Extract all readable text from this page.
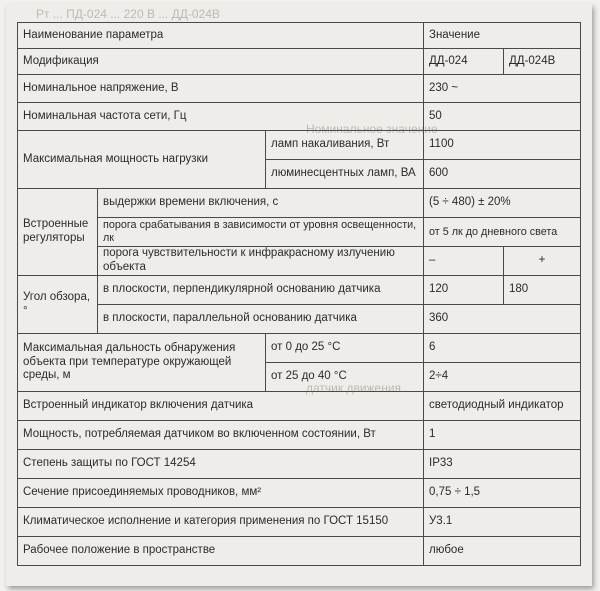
Рт ... ПД-024 ... 220 В ... ДД-024В
Номинальное значение
датчик движения
Наименование параметра			Значение	
Модификация			ДД-024	ДД-024В
Номинальное напряжение, В			230 ~	
Номинальная частота сети, Гц			50	
Максимальная мощность нагрузки		ламп накаливания, Вт	1100	
		люминесцентных ламп, ВА	600	
Встроенные регуляторы	выдержки времени включения, с		(5 ÷ 480) ± 20%	
	порога срабатывания в зависимости от уровня освещенности, лк		от 5 лк до дневного света	
	порога чувствительности к инфракрасному излучению объекта		–	+
Угол обзора, °	в плоскости, перпендикулярной основанию датчика		120	180
	в плоскости, параллельной основанию датчика		360	
Максимальная дальность обнаружения объекта при температуре окружающей среды, м		от 0 до 25 °С	6	
		от 25 до 40 °С	2÷4	
Встроенный индикатор включения датчика			светодиодный индикатор	
Мощность, потребляемая датчиком во включенном состоянии, Вт			1	
Степень защиты по ГОСТ 14254			IP33	
Сечение присоединяемых проводников, мм²			0,75 ÷ 1,5	
Климатическое исполнение и категория применения по ГОСТ 15150			У3.1	
Рабочее положение в пространстве			любое	
